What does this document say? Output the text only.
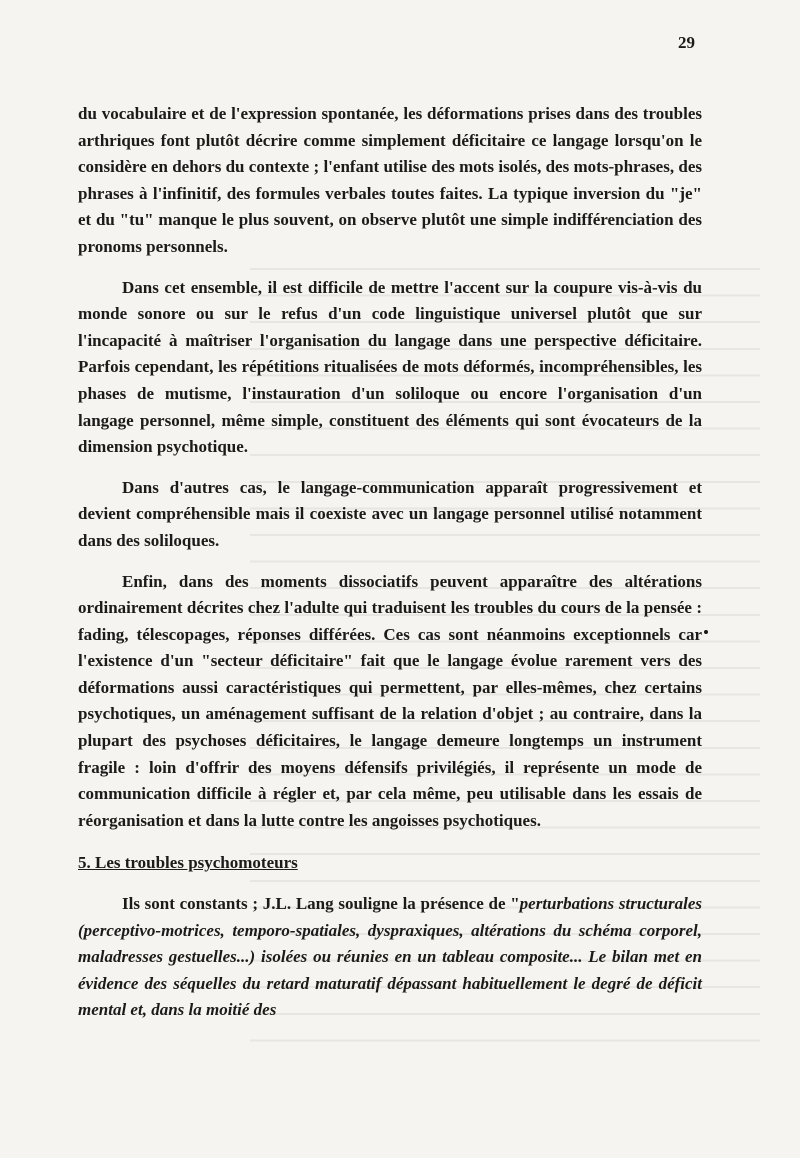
29

du vocabulaire et de l'expression spontanée, les déformations prises dans des troubles arthriques font plutôt décrire comme simplement déficitaire ce langage lorsqu'on le considère en dehors du contexte ; l'enfant utilise des mots isolés, des mots-phrases, des phrases à l'infinitif, des formules verbales toutes faites. La typique inversion du "je" et du "tu" manque le plus souvent, on observe plutôt une simple indifférenciation des pronoms personnels.

Dans cet ensemble, il est difficile de mettre l'accent sur la coupure vis-à-vis du monde sonore ou sur le refus d'un code linguistique universel plutôt que sur l'incapacité à maîtriser l'organisation du langage dans une perspective déficitaire. Parfois cependant, les répétitions ritualisées de mots déformés, incompréhensibles, les phases de mutisme, l'instauration d'un soliloque ou encore l'organisation d'un langage personnel, même simple, constituent des éléments qui sont évocateurs de la dimension psychotique.

Dans d'autres cas, le langage-communication apparaît progressivement et devient compréhensible mais il coexiste avec un langage personnel utilisé notamment dans des soliloques.

Enfin, dans des moments dissociatifs peuvent apparaître des altérations ordinairement décrites chez l'adulte qui traduisent les troubles du cours de la pensée : fading, télescopages, réponses différées. Ces cas sont néanmoins exceptionnels car l'existence d'un "secteur déficitaire" fait que le langage évolue rarement vers des déformations aussi caractéristiques qui permettent, par elles-mêmes, chez certains psychotiques, un aménagement suffisant de la relation d'objet ; au contraire, dans la plupart des psychoses déficitaires, le langage demeure longtemps un instrument fragile : loin d'offrir des moyens défensifs privilégiés, il représente un mode de communication difficile à régler et, par cela même, peu utilisable dans les essais de réorganisation et dans la lutte contre les angoisses psychotiques.

5. Les troubles psychomoteurs

Ils sont constants ; J.L. Lang souligne la présence de "perturbations structurales (perceptivo-motrices, temporo-spatiales, dyspraxiques, altérations du schéma corporel, maladresses gestuelles...) isolées ou réunies en un tableau composite... Le bilan met en évidence des séquelles du retard maturatif dépassant habituellement le degré de déficit mental et, dans la moitié des
